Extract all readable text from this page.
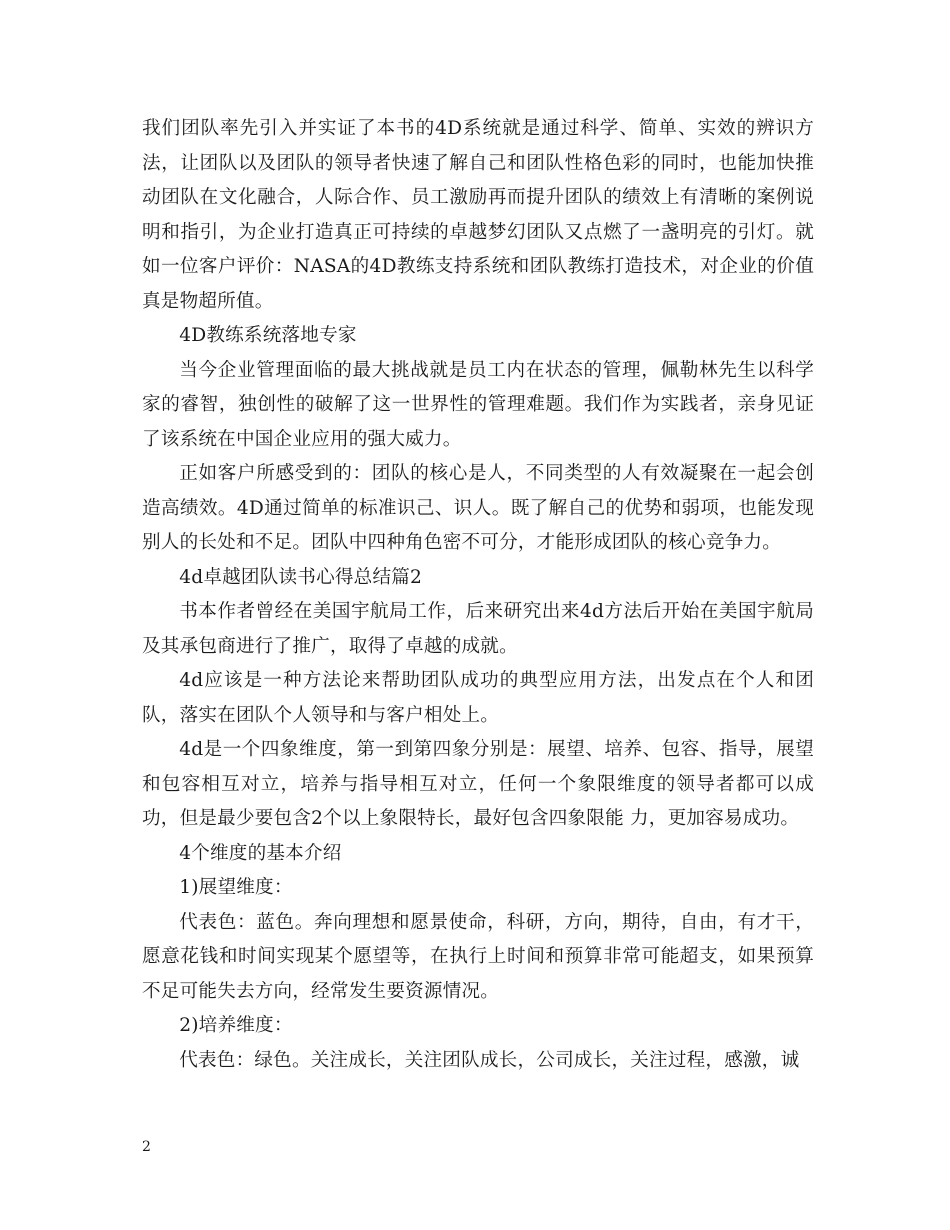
我们团队率先引入并实证了本书的4D系统就是通过科学、简单、实效的辨识方法，让团队以及团队的领导者快速了解自己和团队性格色彩的同时，也能加快推动团队在文化融合，人际合作、员工激励再而提升团队的绩效上有清晰的案例说明和指引，为企业打造真正可持续的卓越梦幻团队又点燃了一盏明亮的引灯。就如一位客户评价：NASA的4D教练支持系统和团队教练打造技术，对企业的价值真是物超所值。

4D教练系统落地专家

当今企业管理面临的最大挑战就是员工内在状态的管理，佩勒林先生以科学家的睿智，独创性的破解了这一世界性的管理难题。我们作为实践者，亲身见证了该系统在中国企业应用的强大威力。

正如客户所感受到的：团队的核心是人，不同类型的人有效凝聚在一起会创造高绩效。4D通过简单的标准识己、识人。既了解自己的优势和弱项，也能发现别人的长处和不足。团队中四种角色密不可分，才能形成团队的核心竞争力。

4d卓越团队读书心得总结篇2

书本作者曾经在美国宇航局工作，后来研究出来4d方法后开始在美国宇航局及其承包商进行了推广，取得了卓越的成就。

4d应该是一种方法论来帮助团队成功的典型应用方法，出发点在个人和团队，落实在团队个人领导和与客户相处上。

4d是一个四象维度，第一到第四象分别是：展望、培养、包容、指导，展望和包容相互对立，培养与指导相互对立，任何一个象限维度的领导者都可以成功，但是最少要包含2个以上象限特长，最好包含四象限能 力，更加容易成功。

4个维度的基本介绍

1)展望维度：

代表色：蓝色。奔向理想和愿景使命，科研，方向，期待，自由，有才干，愿意花钱和时间实现某个愿望等，在执行上时间和预算非常可能超支，如果预算不足可能失去方向，经常发生要资源情况。

2)培养维度：

代表色：绿色。关注成长，关注团队成长，公司成长，关注过程，感激，诚

2
